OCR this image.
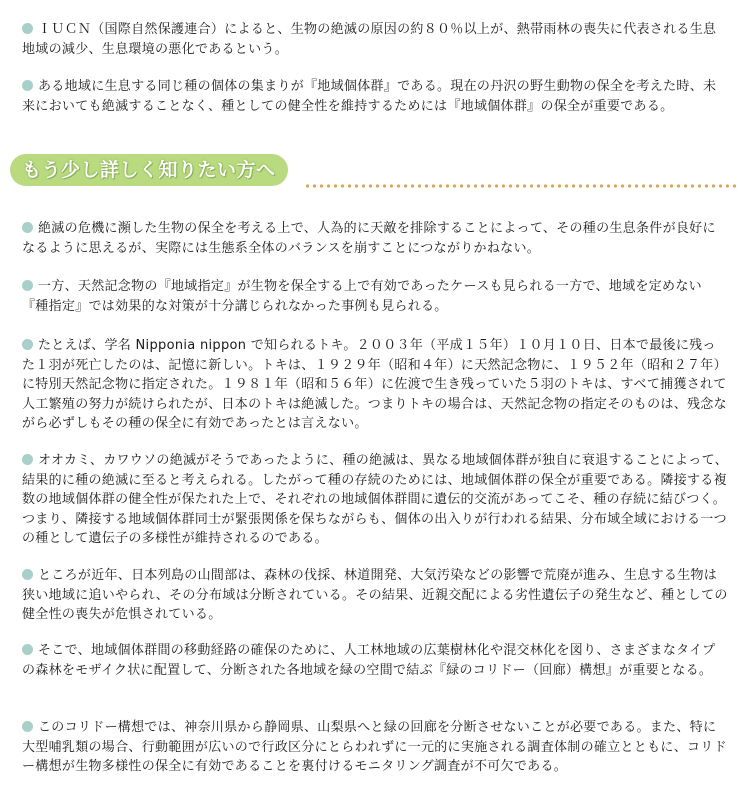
ＩＵＣＮ（国際自然保護連合）によると、生物の絶滅の原因の約８０％以上が、熱帯雨林の喪失に代表される生息地域の減少、生息環境の悪化であるという。

ある地域に生息する同じ種の個体の集まりが『地域個体群』である。現在の丹沢の野生動物の保全を考えた時、未来においても絶滅することなく、種としての健全性を維持するためには『地域個体群』の保全が重要である。

もう少し詳しく知りたい方へ

絶滅の危機に瀕した生物の保全を考える上で、人為的に天敵を排除することによって、その種の生息条件が良好になるように思えるが、実際には生態系全体のバランスを崩すことにつながりかねない。

一方、天然記念物の『地域指定』が生物を保全する上で有効であったケースも見られる一方で、地域を定めない『種指定』では効果的な対策が十分講じられなかった事例も見られる。

たとえば、学名 Nipponia nippon で知られるトキ。２００３年（平成１５年）１０月１０日、日本で最後に残った１羽が死亡したのは、記憶に新しい。トキは、１９２９年（昭和４年）に天然記念物に、１９５２年（昭和２７年）に特別天然記念物に指定された。１９８１年（昭和５６年）に佐渡で生き残っていた５羽のトキは、すべて捕獲されて人工繁殖の努力が続けられたが、日本のトキは絶滅した。つまりトキの場合は、天然記念物の指定そのものは、残念ながら必ずしもその種の保全に有効であったとは言えない。

オオカミ、カワウソの絶滅がそうであったように、種の絶滅は、異なる地域個体群が独自に衰退することによって、結果的に種の絶滅に至ると考えられる。したがって種の存続のためには、地域個体群の保全が重要である。隣接する複数の地域個体群の健全性が保たれた上で、それぞれの地域個体群間に遺伝的交流があってこそ、種の存続に結びつく。つまり、隣接する地域個体群同士が緊張関係を保ちながらも、個体の出入りが行われる結果、分布域全域における一つの種として遺伝子の多様性が維持されるのである。

ところが近年、日本列島の山間部は、森林の伐採、林道開発、大気汚染などの影響で荒廃が進み、生息する生物は狭い地域に追いやられ、その分布域は分断されている。その結果、近親交配による劣性遺伝子の発生など、種としての健全性の喪失が危惧されている。

そこで、地域個体群間の移動経路の確保のために、人工林地域の広葉樹林化や混交林化を図り、さまざまなタイプの森林をモザイク状に配置して、分断された各地域を緑の空間で結ぶ『緑のコリドー（回廊）構想』が重要となる。

このコリドー構想では、神奈川県から静岡県、山梨県へと緑の回廊を分断させないことが必要である。また、特に大型哺乳類の場合、行動範囲が広いので行政区分にとらわれずに一元的に実施される調査体制の確立とともに、コリドー構想が生物多様性の保全に有効であることを裏付けるモニタリング調査が不可欠である。
